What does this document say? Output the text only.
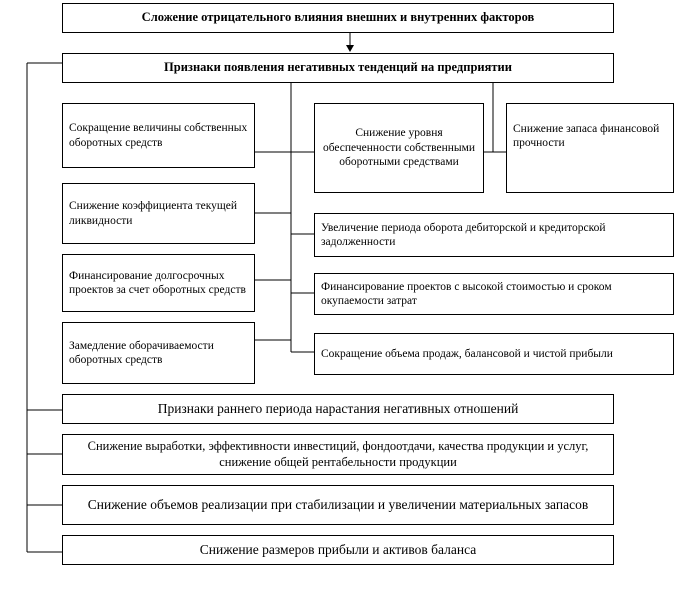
Сложение отрицательного влияния внешних и внутренних факторов
Признаки появления негативных тенденций на предприятии
Сокращение величины собственных оборотных средств
Снижение коэффициента текущей ликвидности
Финансирование долгосрочных проектов за счет оборотных средств
Замедление оборачиваемости оборотных средств
Снижение уровня обеспеченности собственными оборотными средствами
Снижение запаса финансовой прочности
Увеличение периода оборота дебиторской и кредиторской задолженности
Финансирование проектов с высокой стоимостью и сроком окупаемости затрат
Сокращение объема продаж, балансовой и чистой прибыли
Признаки раннего периода нарастания негативных отношений
Снижение выработки, эффективности инвестиций, фондоотдачи, качества продукции и услуг, снижение общей рентабельности продукции
Снижение объемов реализации при стабилизации и увеличении материальных запасов
Снижение размеров прибыли и активов баланса
